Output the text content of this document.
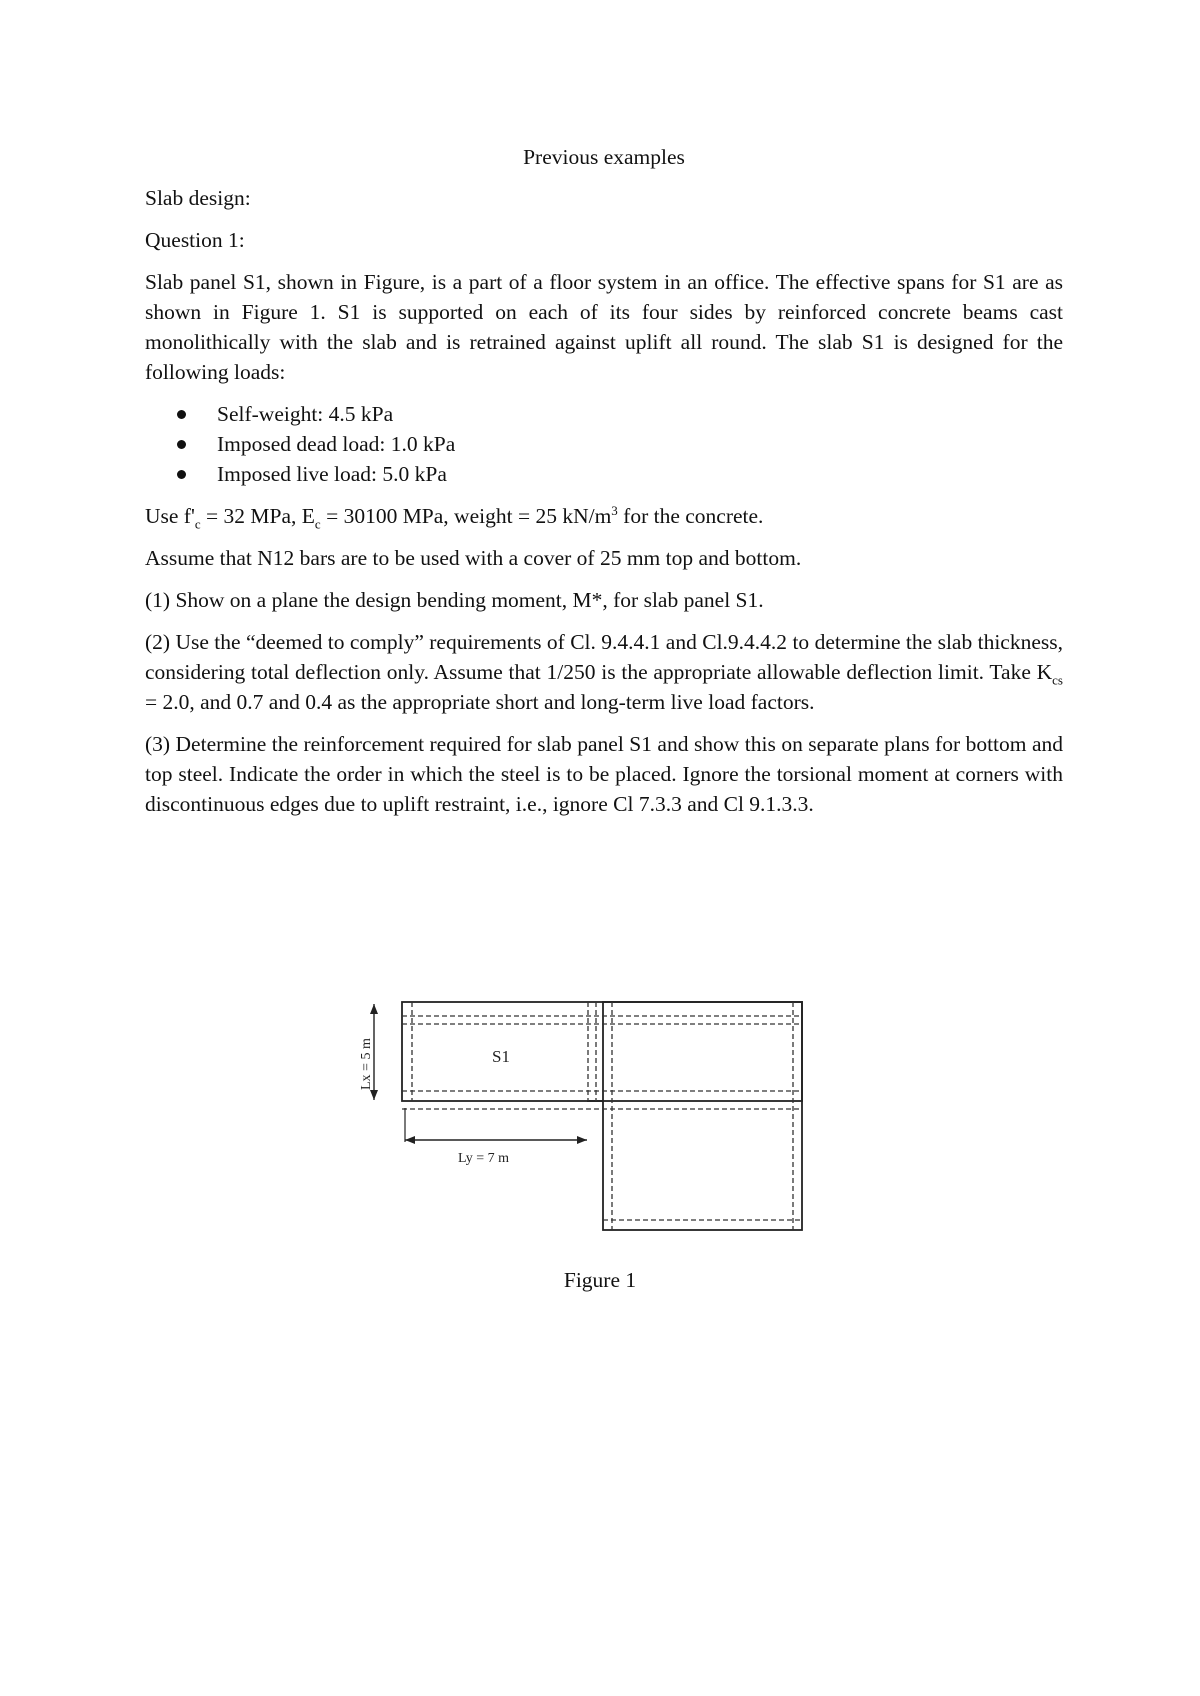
Previous examples

Slab design:

Question 1:

Slab panel S1, shown in Figure, is a part of a floor system in an office. The effective spans for S1 are as shown in Figure 1. S1 is supported on each of its four sides by reinforced concrete beams cast monolithically with the slab and is retrained against uplift all round. The slab S1 is designed for the following loads:

Self-weight: 4.5 kPa
Imposed dead load: 1.0 kPa
Imposed live load: 5.0 kPa

Use $f'_c = 32$ MPa, $E_c = 30100$ MPa, weight = 25 $kN/m^3$ for the concrete.

Assume that N12 bars are to be used with a cover of 25 mm top and bottom.

(1) Show on a plane the design bending moment, M*, for slab panel S1.

(2) Use the “deemed to comply” requirements of Cl. 9.4.4.1 and Cl.9.4.4.2 to determine the slab thickness, considering total deflection only. Assume that 1/250 is the appropriate allowable deflection limit. Take $K_{cs} = 2.0$, and 0.7 and 0.4 as the appropriate short and long-term live load factors.

(3) Determine the reinforcement required for slab panel S1 and show this on separate plans for bottom and top steel. Indicate the order in which the steel is to be placed. Ignore the torsional moment at corners with discontinuous edges due to uplift restraint, i.e., ignore Cl 7.3.3 and Cl 9.1.3.3.

S1
Lx = 5 m
Ly = 7 m
Figure 1
